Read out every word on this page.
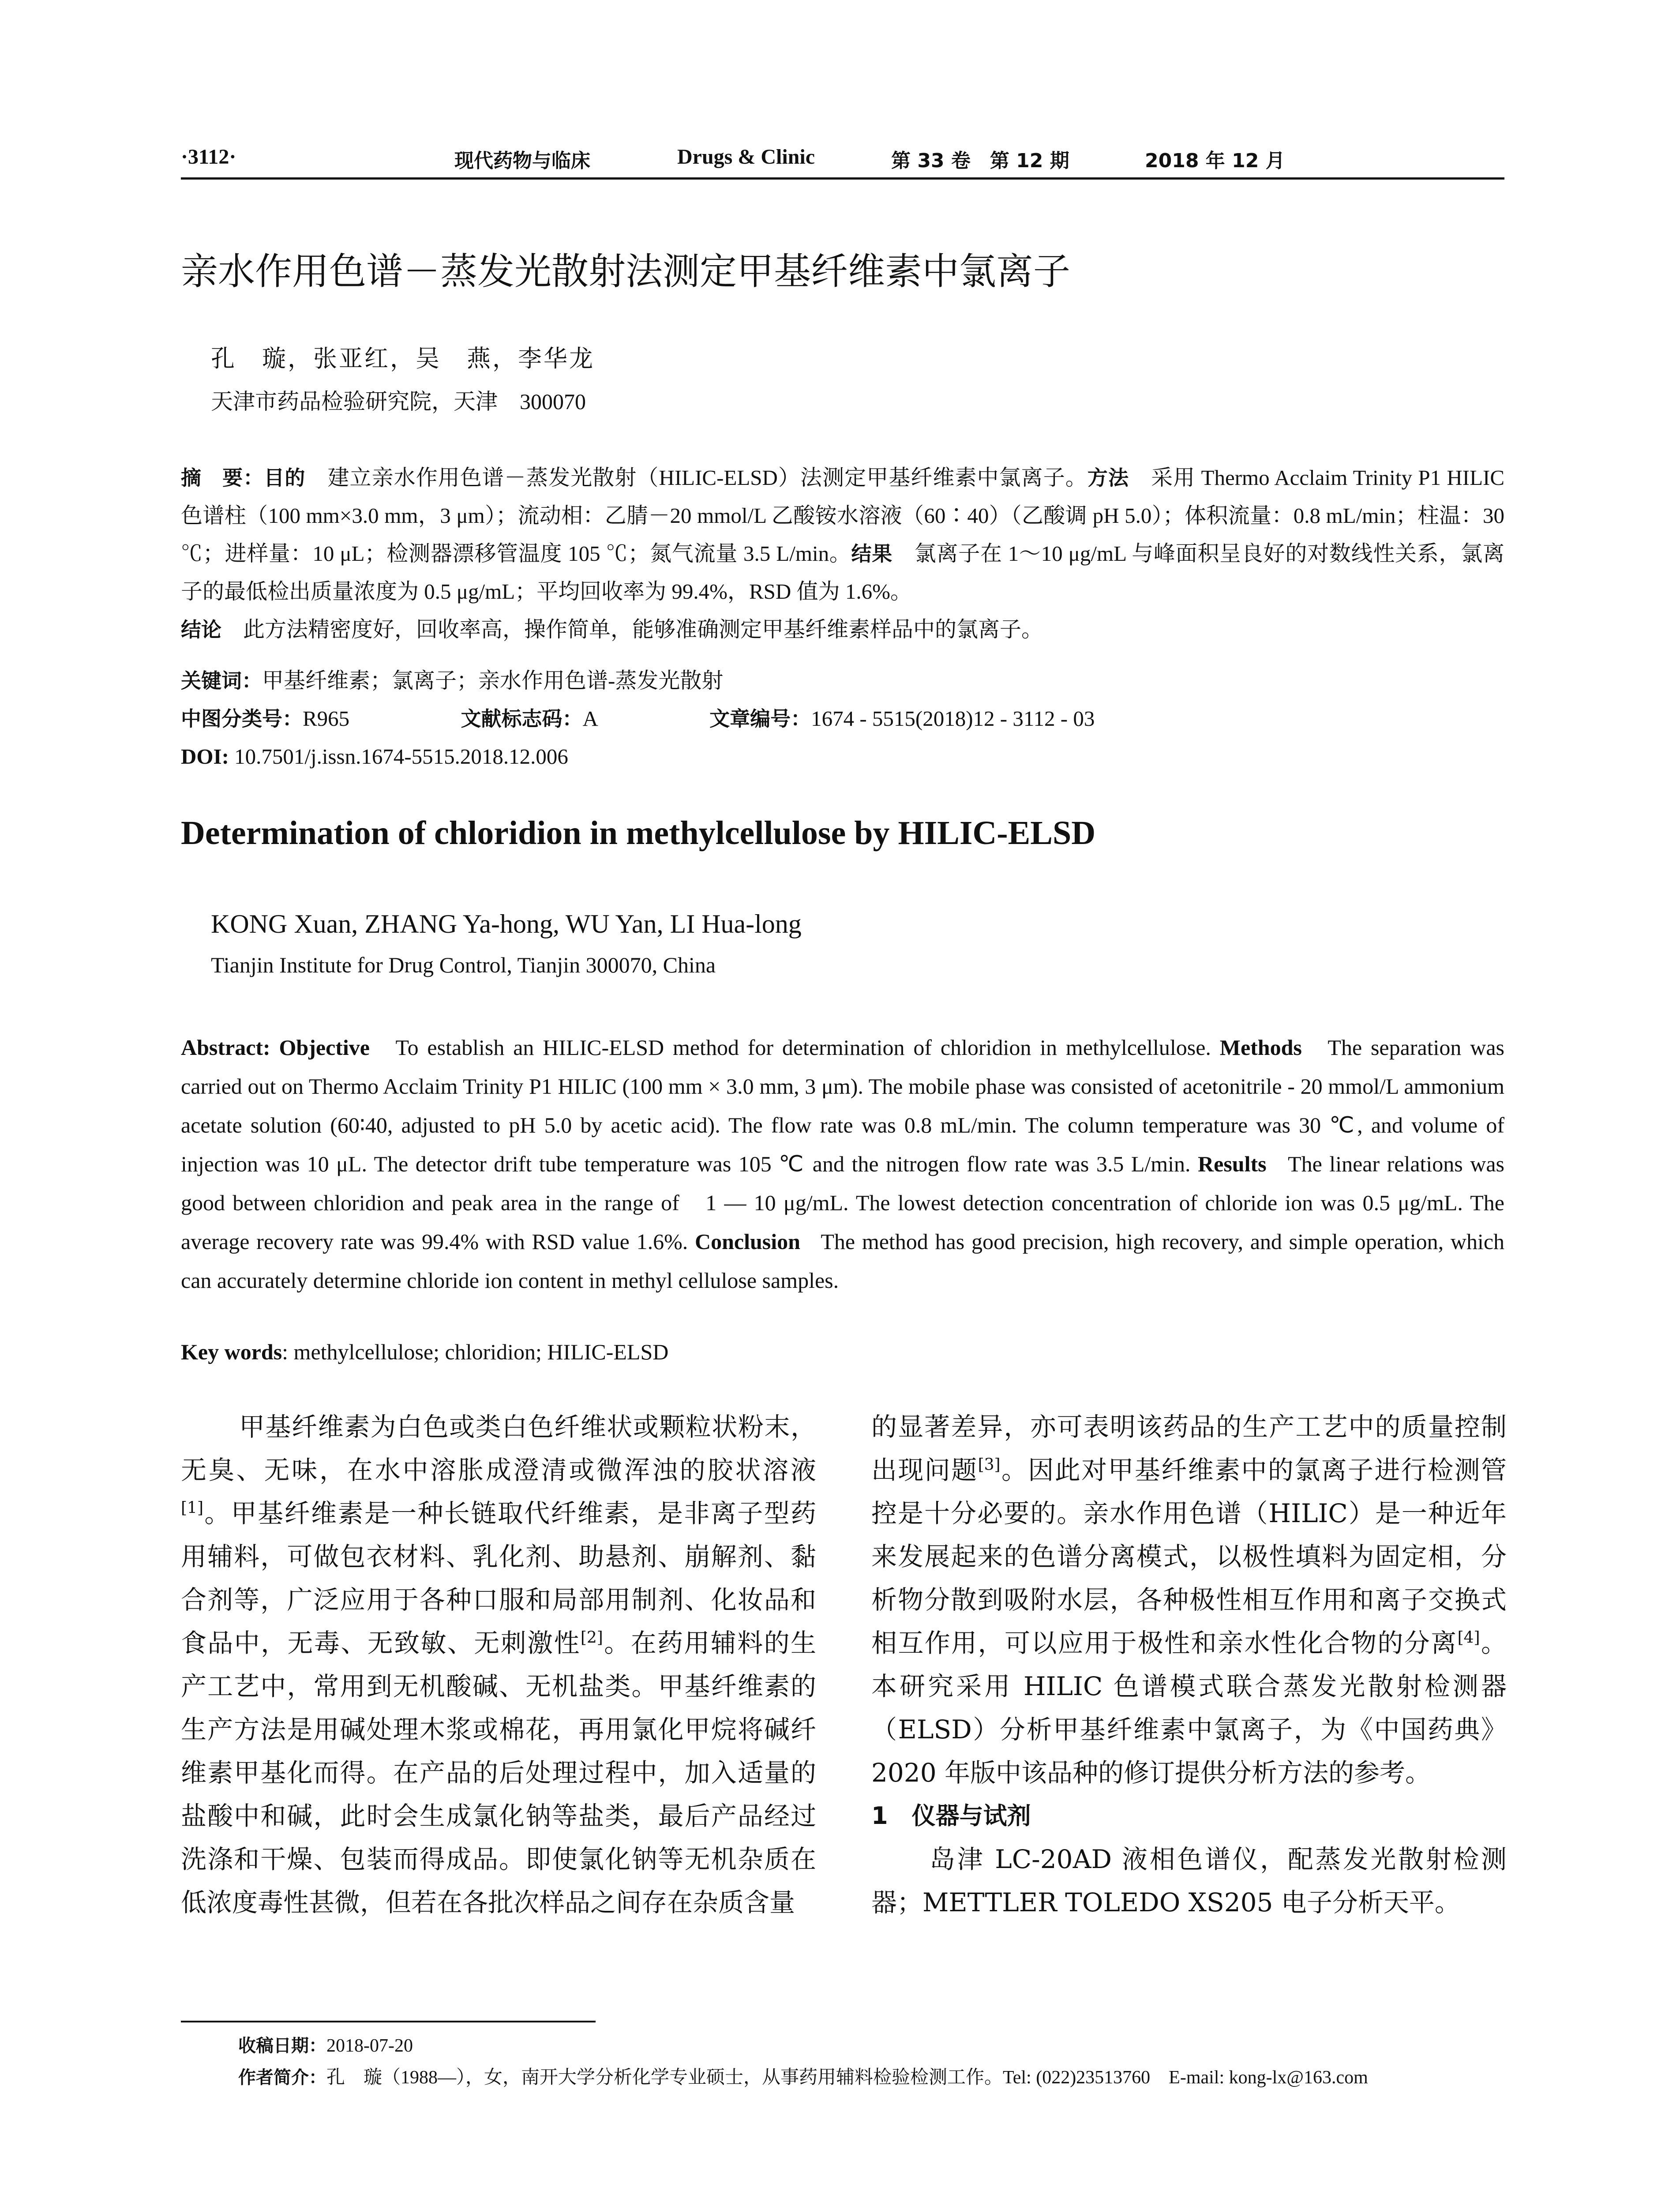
·3112·	现代药物与临床	Drugs & Clinic	第 33 卷　第 12 期	2018 年 12 月
亲水作用色谱－蒸发光散射法测定甲基纤维素中氯离子
孔　璇，张亚红，吴　燕，李华龙
天津市药品检验研究院，天津　300070
摘　要：目的　 建立亲水作用色谱－蒸发光散射（HILIC-ELSD）法测定甲基纤维素中氯离子。方法　 采用 Thermo Acclaim Trinity P1 HILIC 色谱柱（100 mm×3.0 mm，3 μm）；流动相：乙腈－20 mmol/L 乙酸铵水溶液（60∶40）（乙酸调 pH 5.0）；体积流量：0.8 mL/min；柱温：30 ℃；进样量：10 μL；检测器漂移管温度 105 ℃；氮气流量 3.5 L/min。结果　 氯离子在 1～10 μg/mL 与峰面积呈良好的对数线性关系，氯离子的最低检出质量浓度为 0.5 μg/mL；平均回收率为 99.4%，RSD 值为 1.6%。
结论　 此方法精密度好，回收率高，操作简单，能够准确测定甲基纤维素样品中的氯离子。
关键词：甲基纤维素；氯离子；亲水作用色谱-蒸发光散射
中图分类号：R965	文献标志码：A	文章编号：1674 - 5515(2018)12 - 3112 - 03
DOI: 10.7501/j.issn.1674-5515.2018.12.006
Determination of chloridion in methylcellulose by HILIC-ELSD
KONG Xuan, ZHANG Ya-hong, WU Yan, LI Hua-long
Tianjin Institute for Drug Control, Tianjin 300070, China
Abstract: Objective To establish an HILIC-ELSD method for determination of chloridion in methylcellulose. Methods The separation was carried out on Thermo Acclaim Trinity P1 HILIC (100 mm × 3.0 mm, 3 μm). The mobile phase was consisted of acetonitrile - 20 mmol/L ammonium acetate solution (60∶40, adjusted to pH 5.0 by acetic acid). The flow rate was 0.8 mL/min. The column temperature was 30 ℃, and volume of injection was 10 μL. The detector drift tube temperature was 105 ℃ and the nitrogen flow rate was 3.5 L/min. Results The linear relations was good between chloridion and peak area in the range of　1 — 10 μg/mL. The lowest detection concentration of chloride ion was 0.5 μg/mL. The average recovery rate was 99.4% with RSD value 1.6%. Conclusion The method has good precision, high recovery, and simple operation, which can accurately determine chloride ion content in methyl cellulose samples.
Key words: methylcellulose; chloridion; HILIC-ELSD

甲基纤维素为白色或类白色纤维状或颗粒状粉末，无臭、无味，在水中溶胀成澄清或微浑浊的胶状溶液[1]。甲基纤维素是一种长链取代纤维素，是非离子型药用辅料，可做包衣材料、乳化剂、助悬剂、崩解剂、黏合剂等，广泛应用于各种口服和局部用制剂、化妆品和食品中，无毒、无致敏、无刺激性[2]。在药用辅料的生产工艺中，常用到无机酸碱、无机盐类。甲基纤维素的生产方法是用碱处理木浆或棉花，再用氯化甲烷将碱纤维素甲基化而得。在产品的后处理过程中，加入适量的盐酸中和碱，此时会生成氯化钠等盐类，最后产品经过洗涤和干燥、包装而得成品。即使氯化钠等无机杂质在低浓度毒性甚微，但若在各批次样品之间存在杂质含量

的显著差异，亦可表明该药品的生产工艺中的质量控制出现问题[3]。因此对甲基纤维素中的氯离子进行检测管控是十分必要的。亲水作用色谱（HILIC）是一种近年来发展起来的色谱分离模式，以极性填料为固定相，分析物分散到吸附水层，各种极性相互作用和离子交换式相互作用，可以应用于极性和亲水性化合物的分离[4]。本研究采用 HILIC 色谱模式联合蒸发光散射检测器（ELSD）分析甲基纤维素中氯离子，为《中国药典》2020 年版中该品种的修订提供分析方法的参考。

1　仪器与试剂

岛津 LC-20AD 液相色谱仪，配蒸发光散射检测器；METTLER TOLEDO XS205 电子分析天平。

收稿日期：2018-07-20
作者简介：孔　璇（1988—），女，南开大学分析化学专业硕士，从事药用辅料检验检测工作。Tel: (022)23513760　E-mail: kong-lx@163.com
